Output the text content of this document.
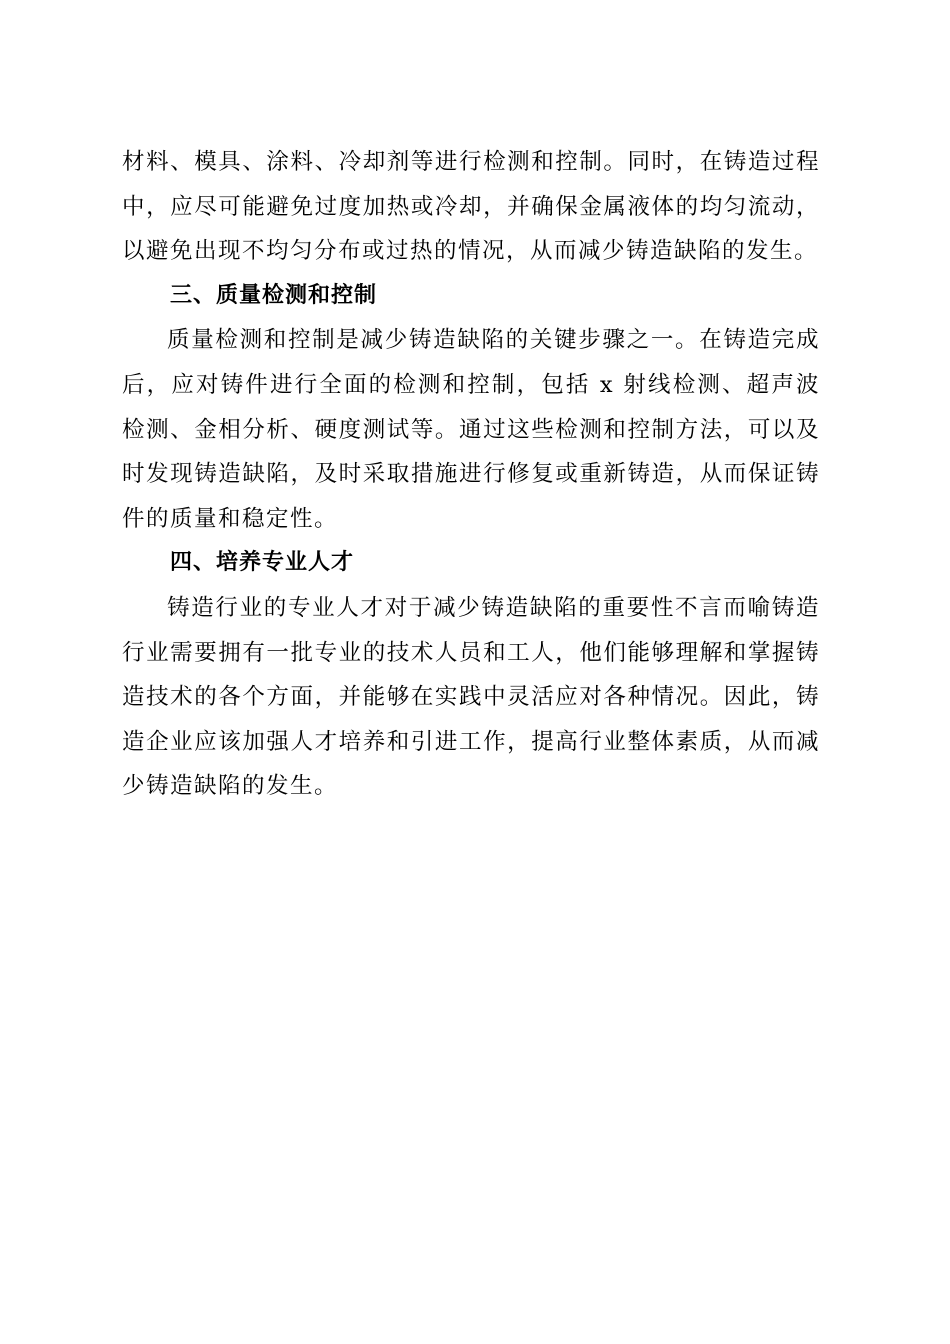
材料、模具、涂料、冷却剂等进行检测和控制。同时，在铸造过程中，应尽可能避免过度加热或冷却，并确保金属液体的均匀流动，以避免出现不均匀分布或过热的情况，从而减少铸造缺陷的发生。

三、质量检测和控制

质量检测和控制是减少铸造缺陷的关键步骤之一。在铸造完成后，应对铸件进行全面的检测和控制，包括 x 射线检测、超声波检测、金相分析、硬度测试等。通过这些检测和控制方法，可以及时发现铸造缺陷，及时采取措施进行修复或重新铸造，从而保证铸件的质量和稳定性。

四、培养专业人才

铸造行业的专业人才对于减少铸造缺陷的重要性不言而喻铸造行业需要拥有一批专业的技术人员和工人，他们能够理解和掌握铸造技术的各个方面，并能够在实践中灵活应对各种情况。因此，铸造企业应该加强人才培养和引进工作，提高行业整体素质，从而减少铸造缺陷的发生。
